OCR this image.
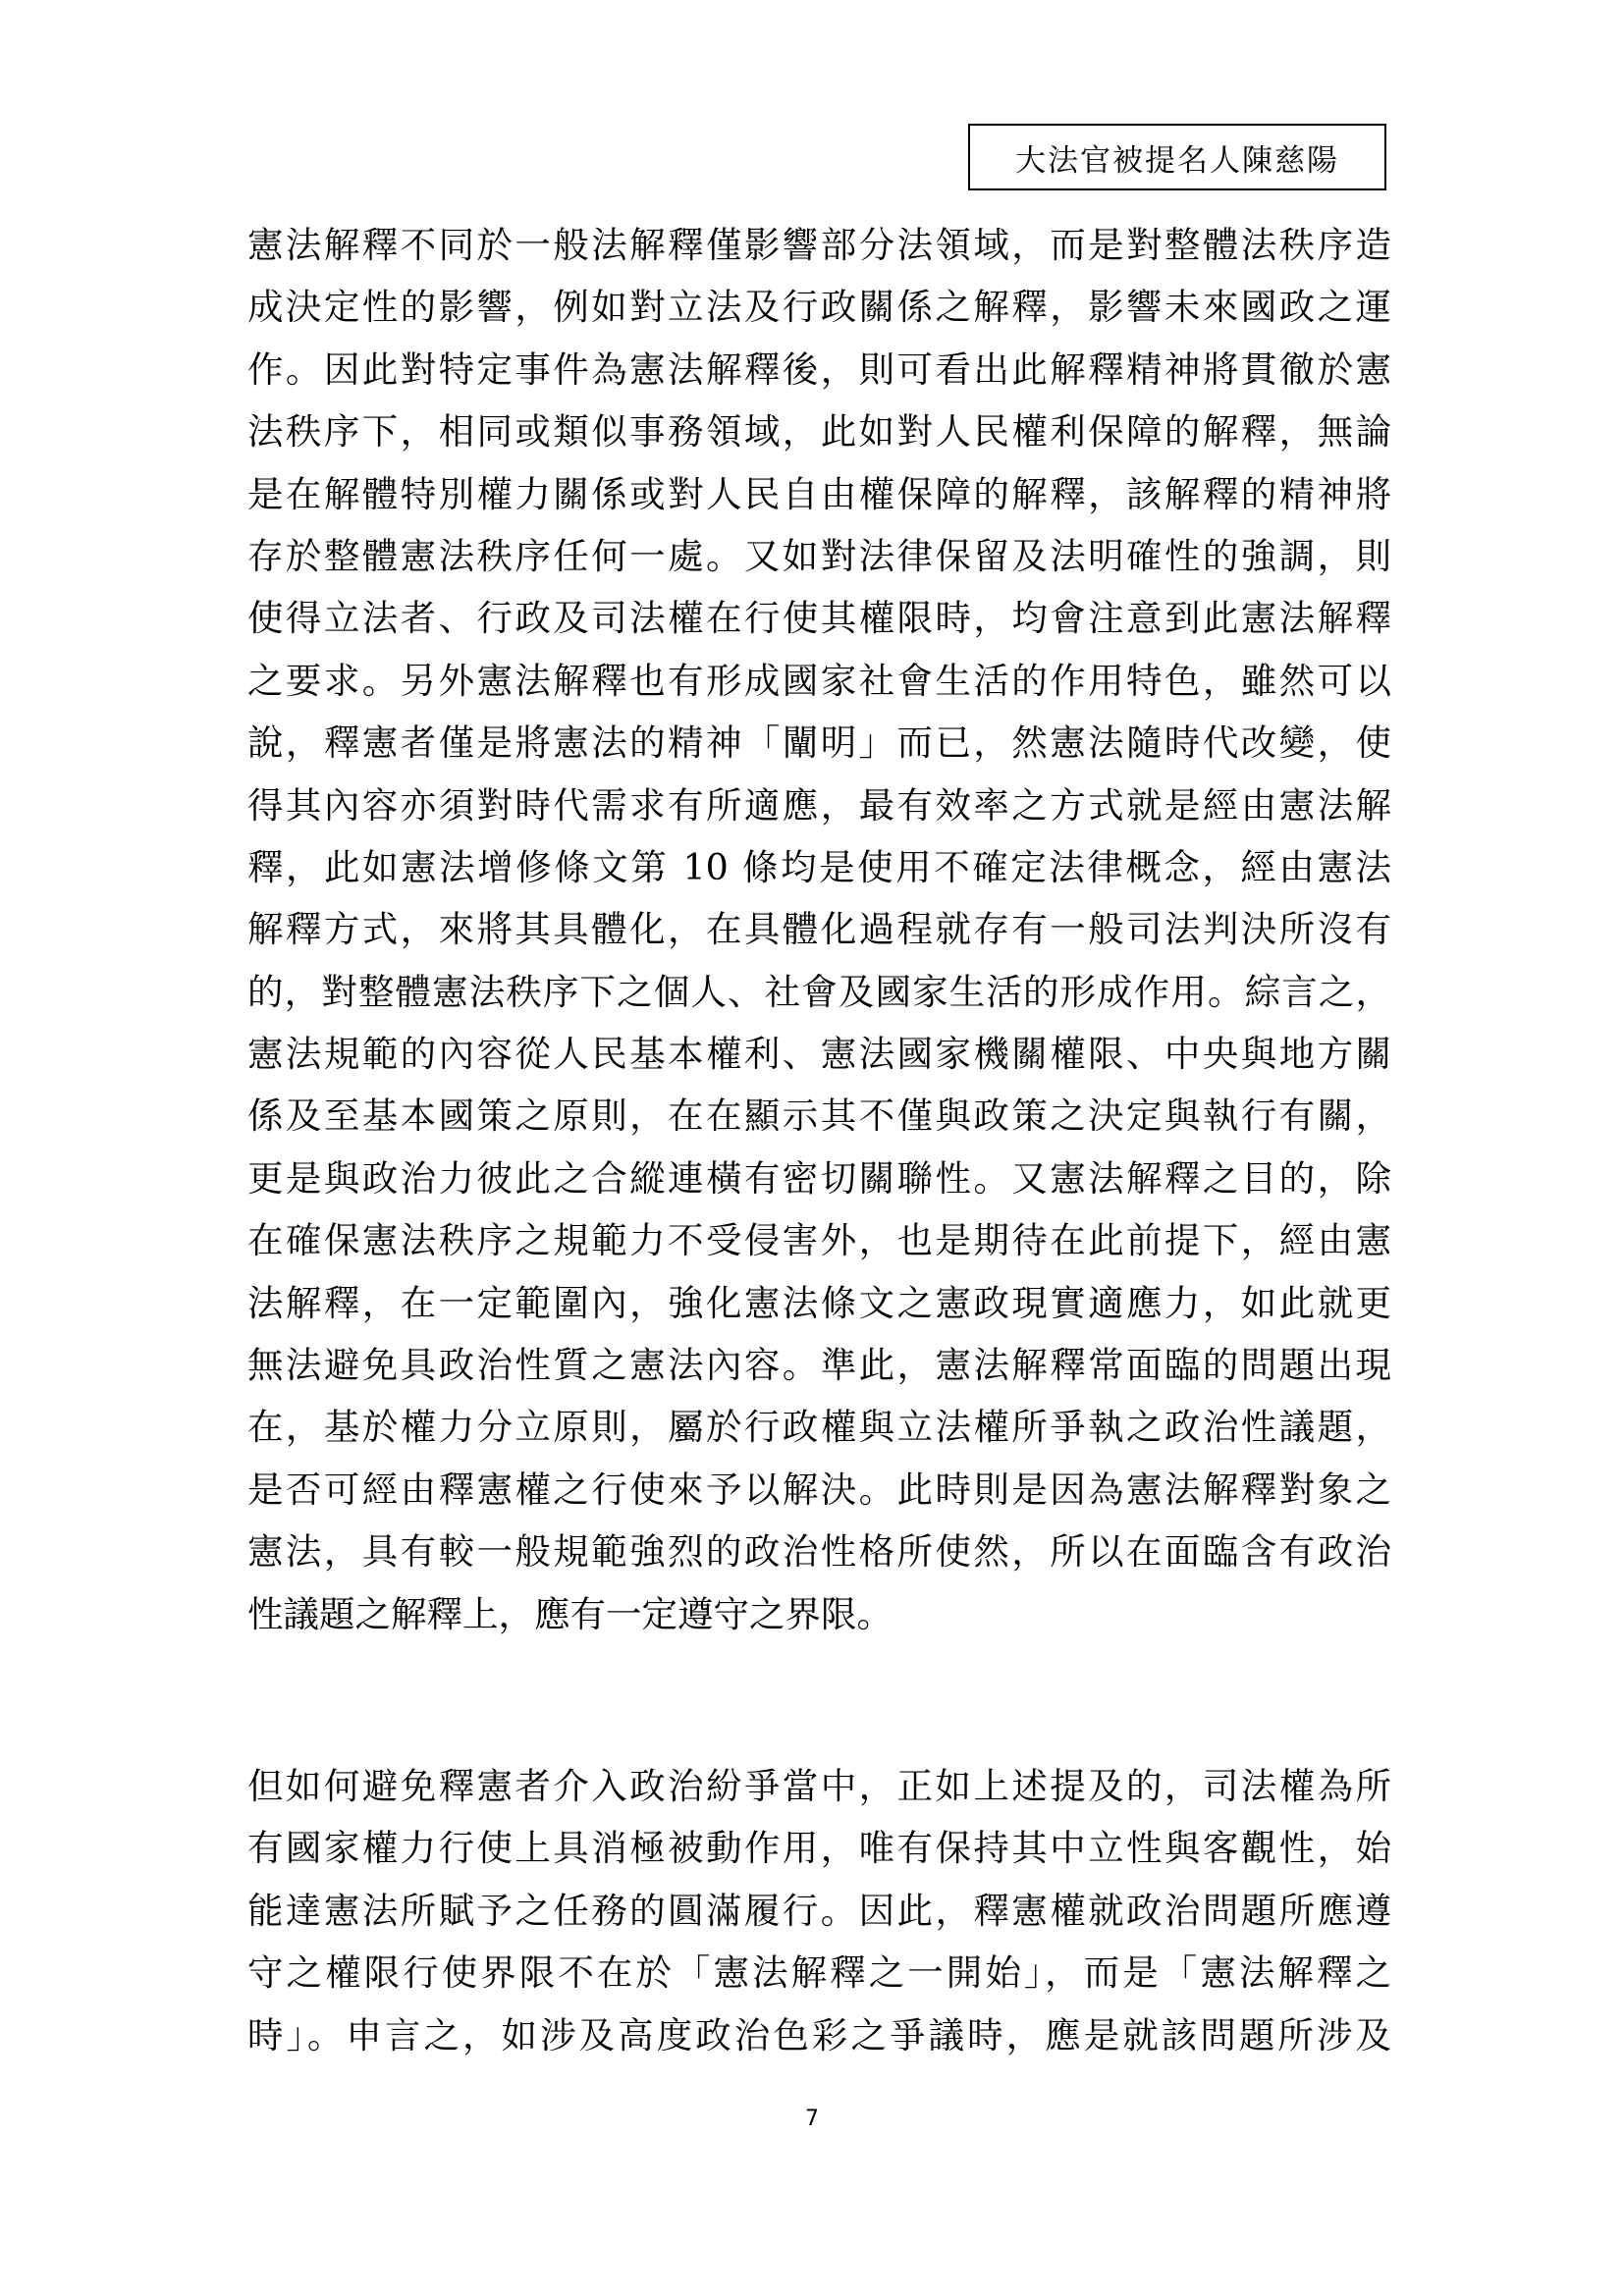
大法官被提名人陳慈陽
憲法解釋不同於一般法解釋僅影響部分法領域，而是對整體法秩序造
成決定性的影響，例如對立法及行政關係之解釋，影響未來國政之運
作。因此對特定事件為憲法解釋後，則可看出此解釋精神將貫徹於憲
法秩序下，相同或類似事務領域，此如對人民權利保障的解釋，無論
是在解體特別權力關係或對人民自由權保障的解釋，該解釋的精神將
存於整體憲法秩序任何一處。又如對法律保留及法明確性的強調，則
使得立法者、行政及司法權在行使其權限時，均會注意到此憲法解釋
之要求。另外憲法解釋也有形成國家社會生活的作用特色，雖然可以
說，釋憲者僅是將憲法的精神「闡明」而已，然憲法隨時代改變，使
得其內容亦須對時代需求有所適應，最有效率之方式就是經由憲法解
釋，此如憲法增修條文第 10 條均是使用不確定法律概念，經由憲法
解釋方式，來將其具體化，在具體化過程就存有一般司法判決所沒有
的，對整體憲法秩序下之個人、社會及國家生活的形成作用。綜言之，
憲法規範的內容從人民基本權利、憲法國家機關權限、中央與地方關
係及至基本國策之原則，在在顯示其不僅與政策之決定與執行有關，
更是與政治力彼此之合縱連橫有密切關聯性。又憲法解釋之目的，除
在確保憲法秩序之規範力不受侵害外，也是期待在此前提下，經由憲
法解釋，在一定範圍內，強化憲法條文之憲政現實適應力，如此就更
無法避免具政治性質之憲法內容。準此，憲法解釋常面臨的問題出現
在，基於權力分立原則，屬於行政權與立法權所爭執之政治性議題，
是否可經由釋憲權之行使來予以解決。此時則是因為憲法解釋對象之
憲法，具有較一般規範強烈的政治性格所使然，所以在面臨含有政治
性議題之解釋上，應有一定遵守之界限。
但如何避免釋憲者介入政治紛爭當中，正如上述提及的，司法權為所
有國家權力行使上具消極被動作用，唯有保持其中立性與客觀性，始
能達憲法所賦予之任務的圓滿履行。因此，釋憲權就政治問題所應遵
守之權限行使界限不在於「憲法解釋之一開始」，而是「憲法解釋之
時」。申言之，如涉及高度政治色彩之爭議時，應是就該問題所涉及
7
